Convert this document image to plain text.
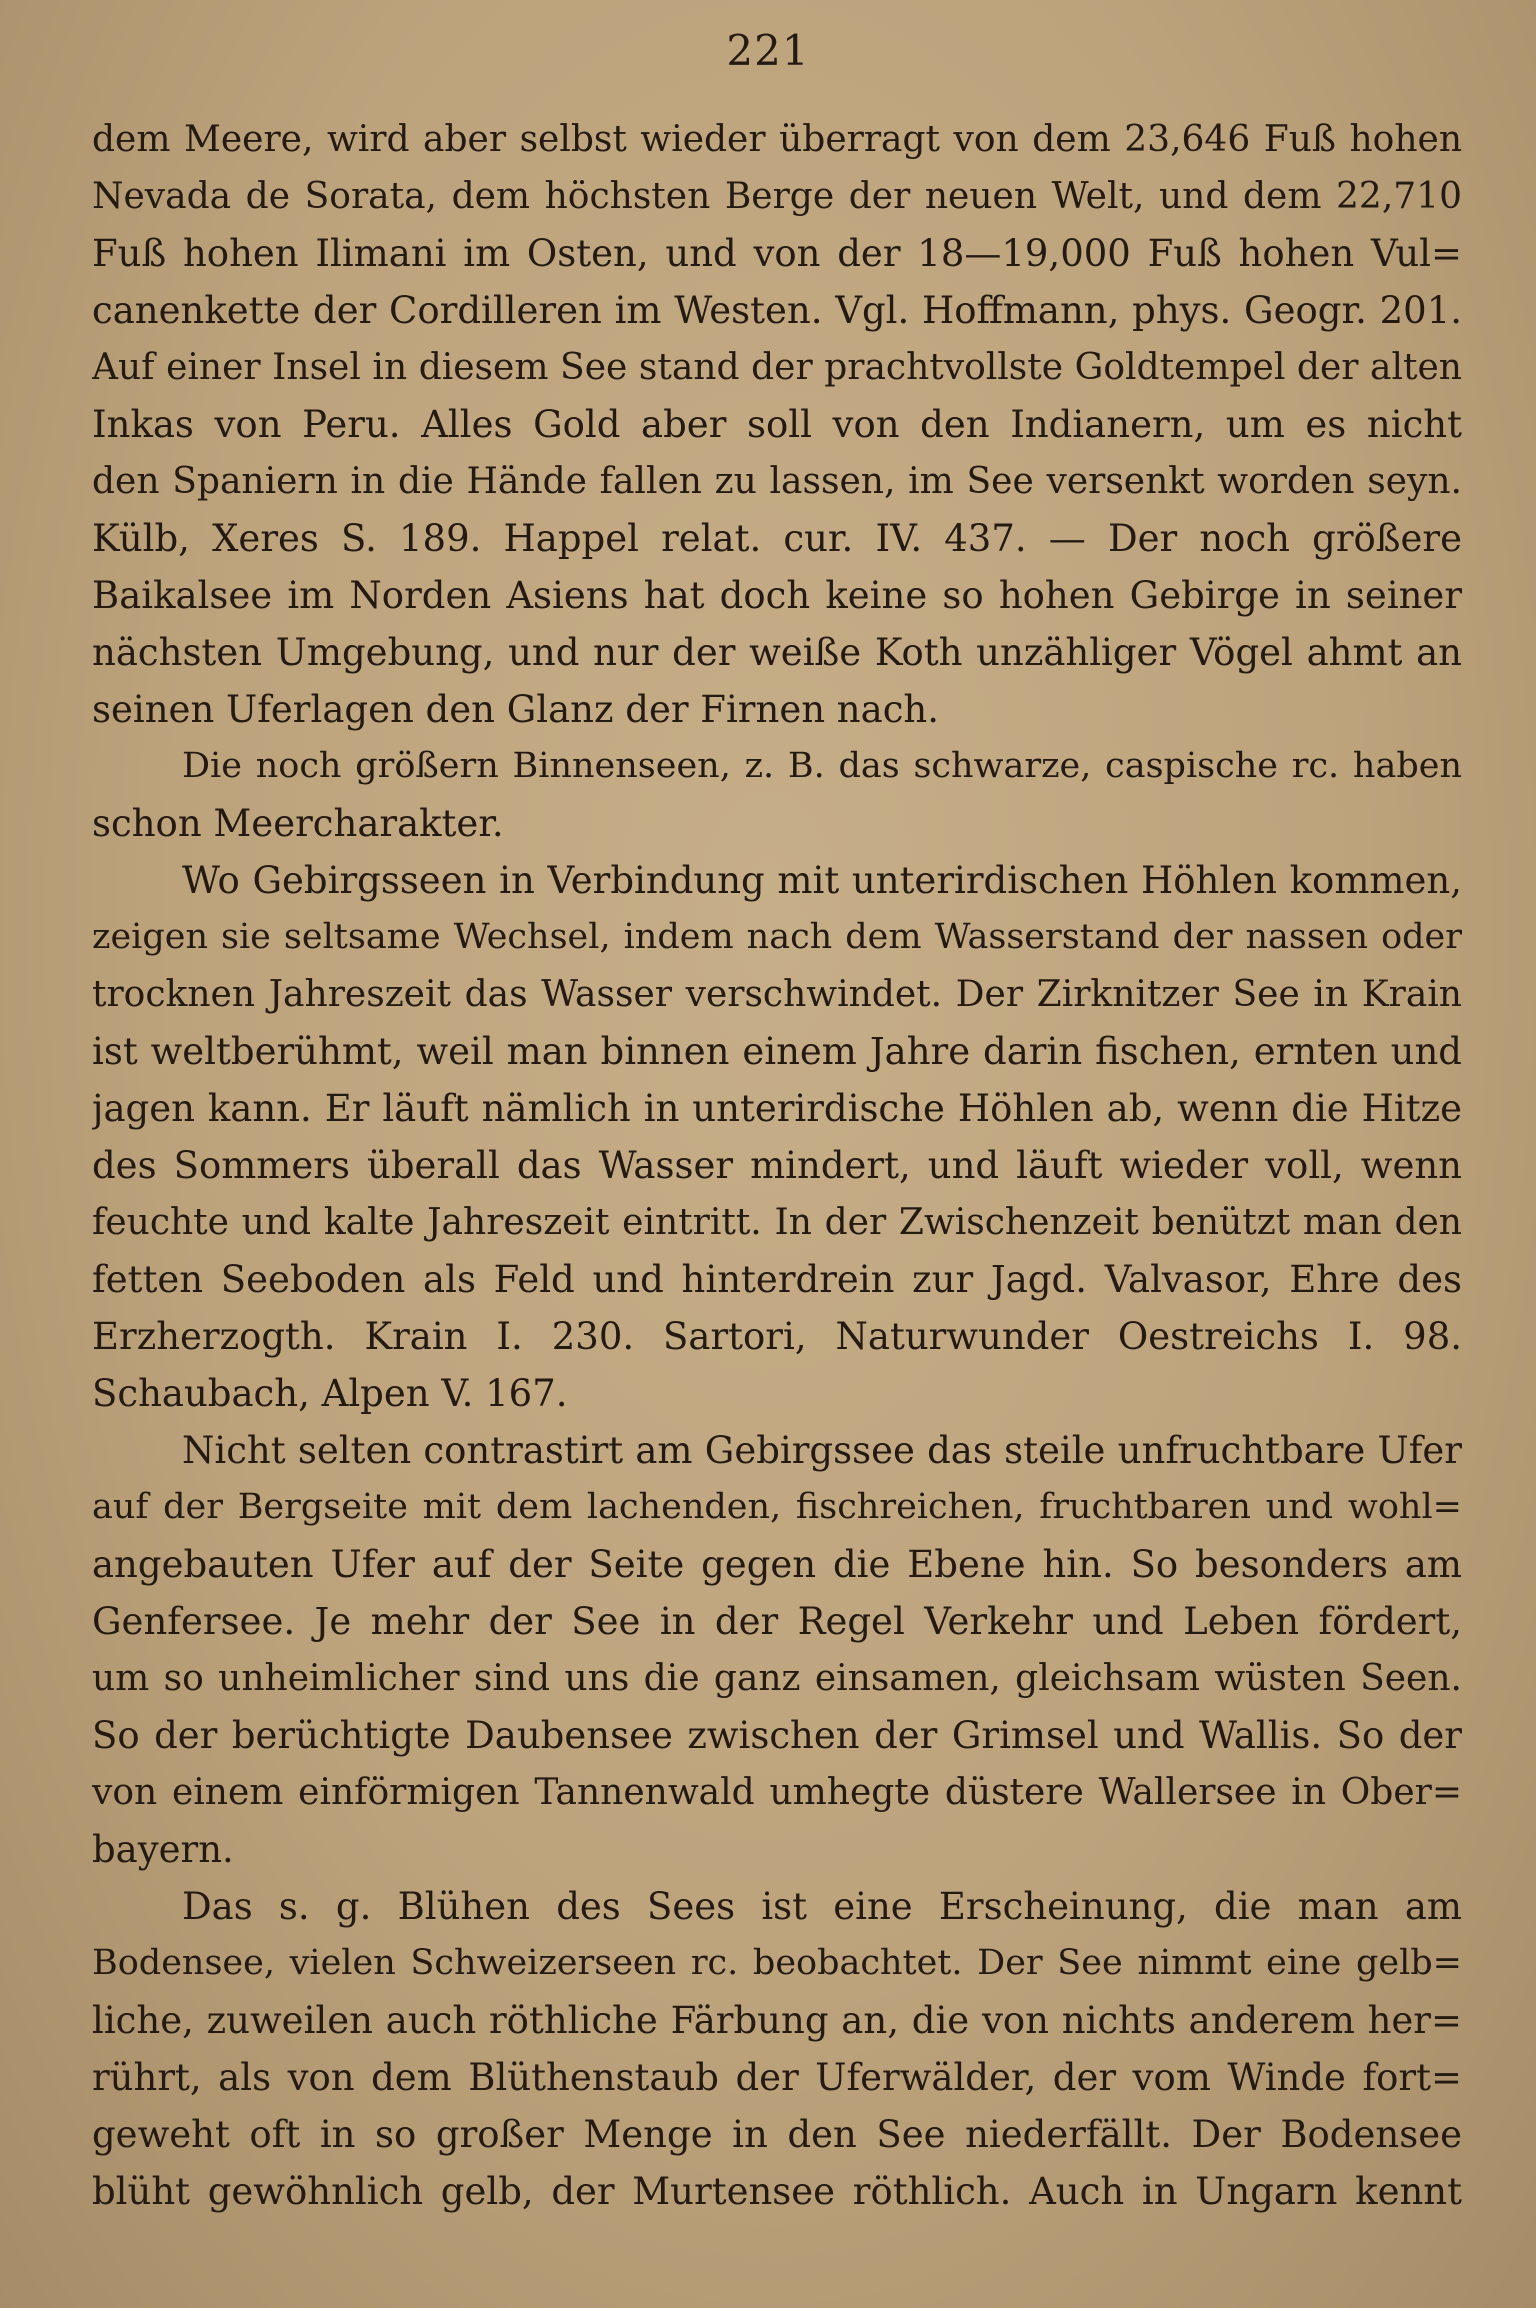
221
dem Meere, wird aber selbst wieder überragt von dem 23,646 Fuß hohen
Nevada de Sorata, dem höchsten Berge der neuen Welt, und dem 22,710
Fuß hohen Ilimani im Osten, und von der 18—19,000 Fuß hohen Vul=
canenkette der Cordilleren im Westen. Vgl. Hoffmann, phys. Geogr. 201.
Auf einer Insel in diesem See stand der prachtvollste Goldtempel der alten
Inkas von Peru. Alles Gold aber soll von den Indianern, um es nicht
den Spaniern in die Hände fallen zu lassen, im See versenkt worden seyn.
Külb, Xeres S. 189. Happel relat. cur. IV. 437. — Der noch größere
Baikalsee im Norden Asiens hat doch keine so hohen Gebirge in seiner
nächsten Umgebung, und nur der weiße Koth unzähliger Vögel ahmt an
seinen Uferlagen den Glanz der Firnen nach.
Die noch größern Binnenseen, z. B. das schwarze, caspische rc. haben
schon Meercharakter.
Wo Gebirgsseen in Verbindung mit unterirdischen Höhlen kommen,
zeigen sie seltsame Wechsel, indem nach dem Wasserstand der nassen oder
trocknen Jahreszeit das Wasser verschwindet. Der Zirknitzer See in Krain
ist weltberühmt, weil man binnen einem Jahre darin fischen, ernten und
jagen kann. Er läuft nämlich in unterirdische Höhlen ab, wenn die Hitze
des Sommers überall das Wasser mindert, und läuft wieder voll, wenn
feuchte und kalte Jahreszeit eintritt. In der Zwischenzeit benützt man den
fetten Seeboden als Feld und hinterdrein zur Jagd. Valvasor, Ehre des
Erzherzogth. Krain I. 230. Sartori, Naturwunder Oestreichs I. 98.
Schaubach, Alpen V. 167.
Nicht selten contrastirt am Gebirgssee das steile unfruchtbare Ufer
auf der Bergseite mit dem lachenden, fischreichen, fruchtbaren und wohl=
angebauten Ufer auf der Seite gegen die Ebene hin. So besonders am
Genfersee. Je mehr der See in der Regel Verkehr und Leben fördert,
um so unheimlicher sind uns die ganz einsamen, gleichsam wüsten Seen.
So der berüchtigte Daubensee zwischen der Grimsel und Wallis. So der
von einem einförmigen Tannenwald umhegte düstere Wallersee in Ober=
bayern.
Das s. g. Blühen des Sees ist eine Erscheinung, die man am
Bodensee, vielen Schweizerseen rc. beobachtet. Der See nimmt eine gelb=
liche, zuweilen auch röthliche Färbung an, die von nichts anderem her=
rührt, als von dem Blüthenstaub der Uferwälder, der vom Winde fort=
geweht oft in so großer Menge in den See niederfällt. Der Bodensee
blüht gewöhnlich gelb, der Murtensee röthlich. Auch in Ungarn kennt
